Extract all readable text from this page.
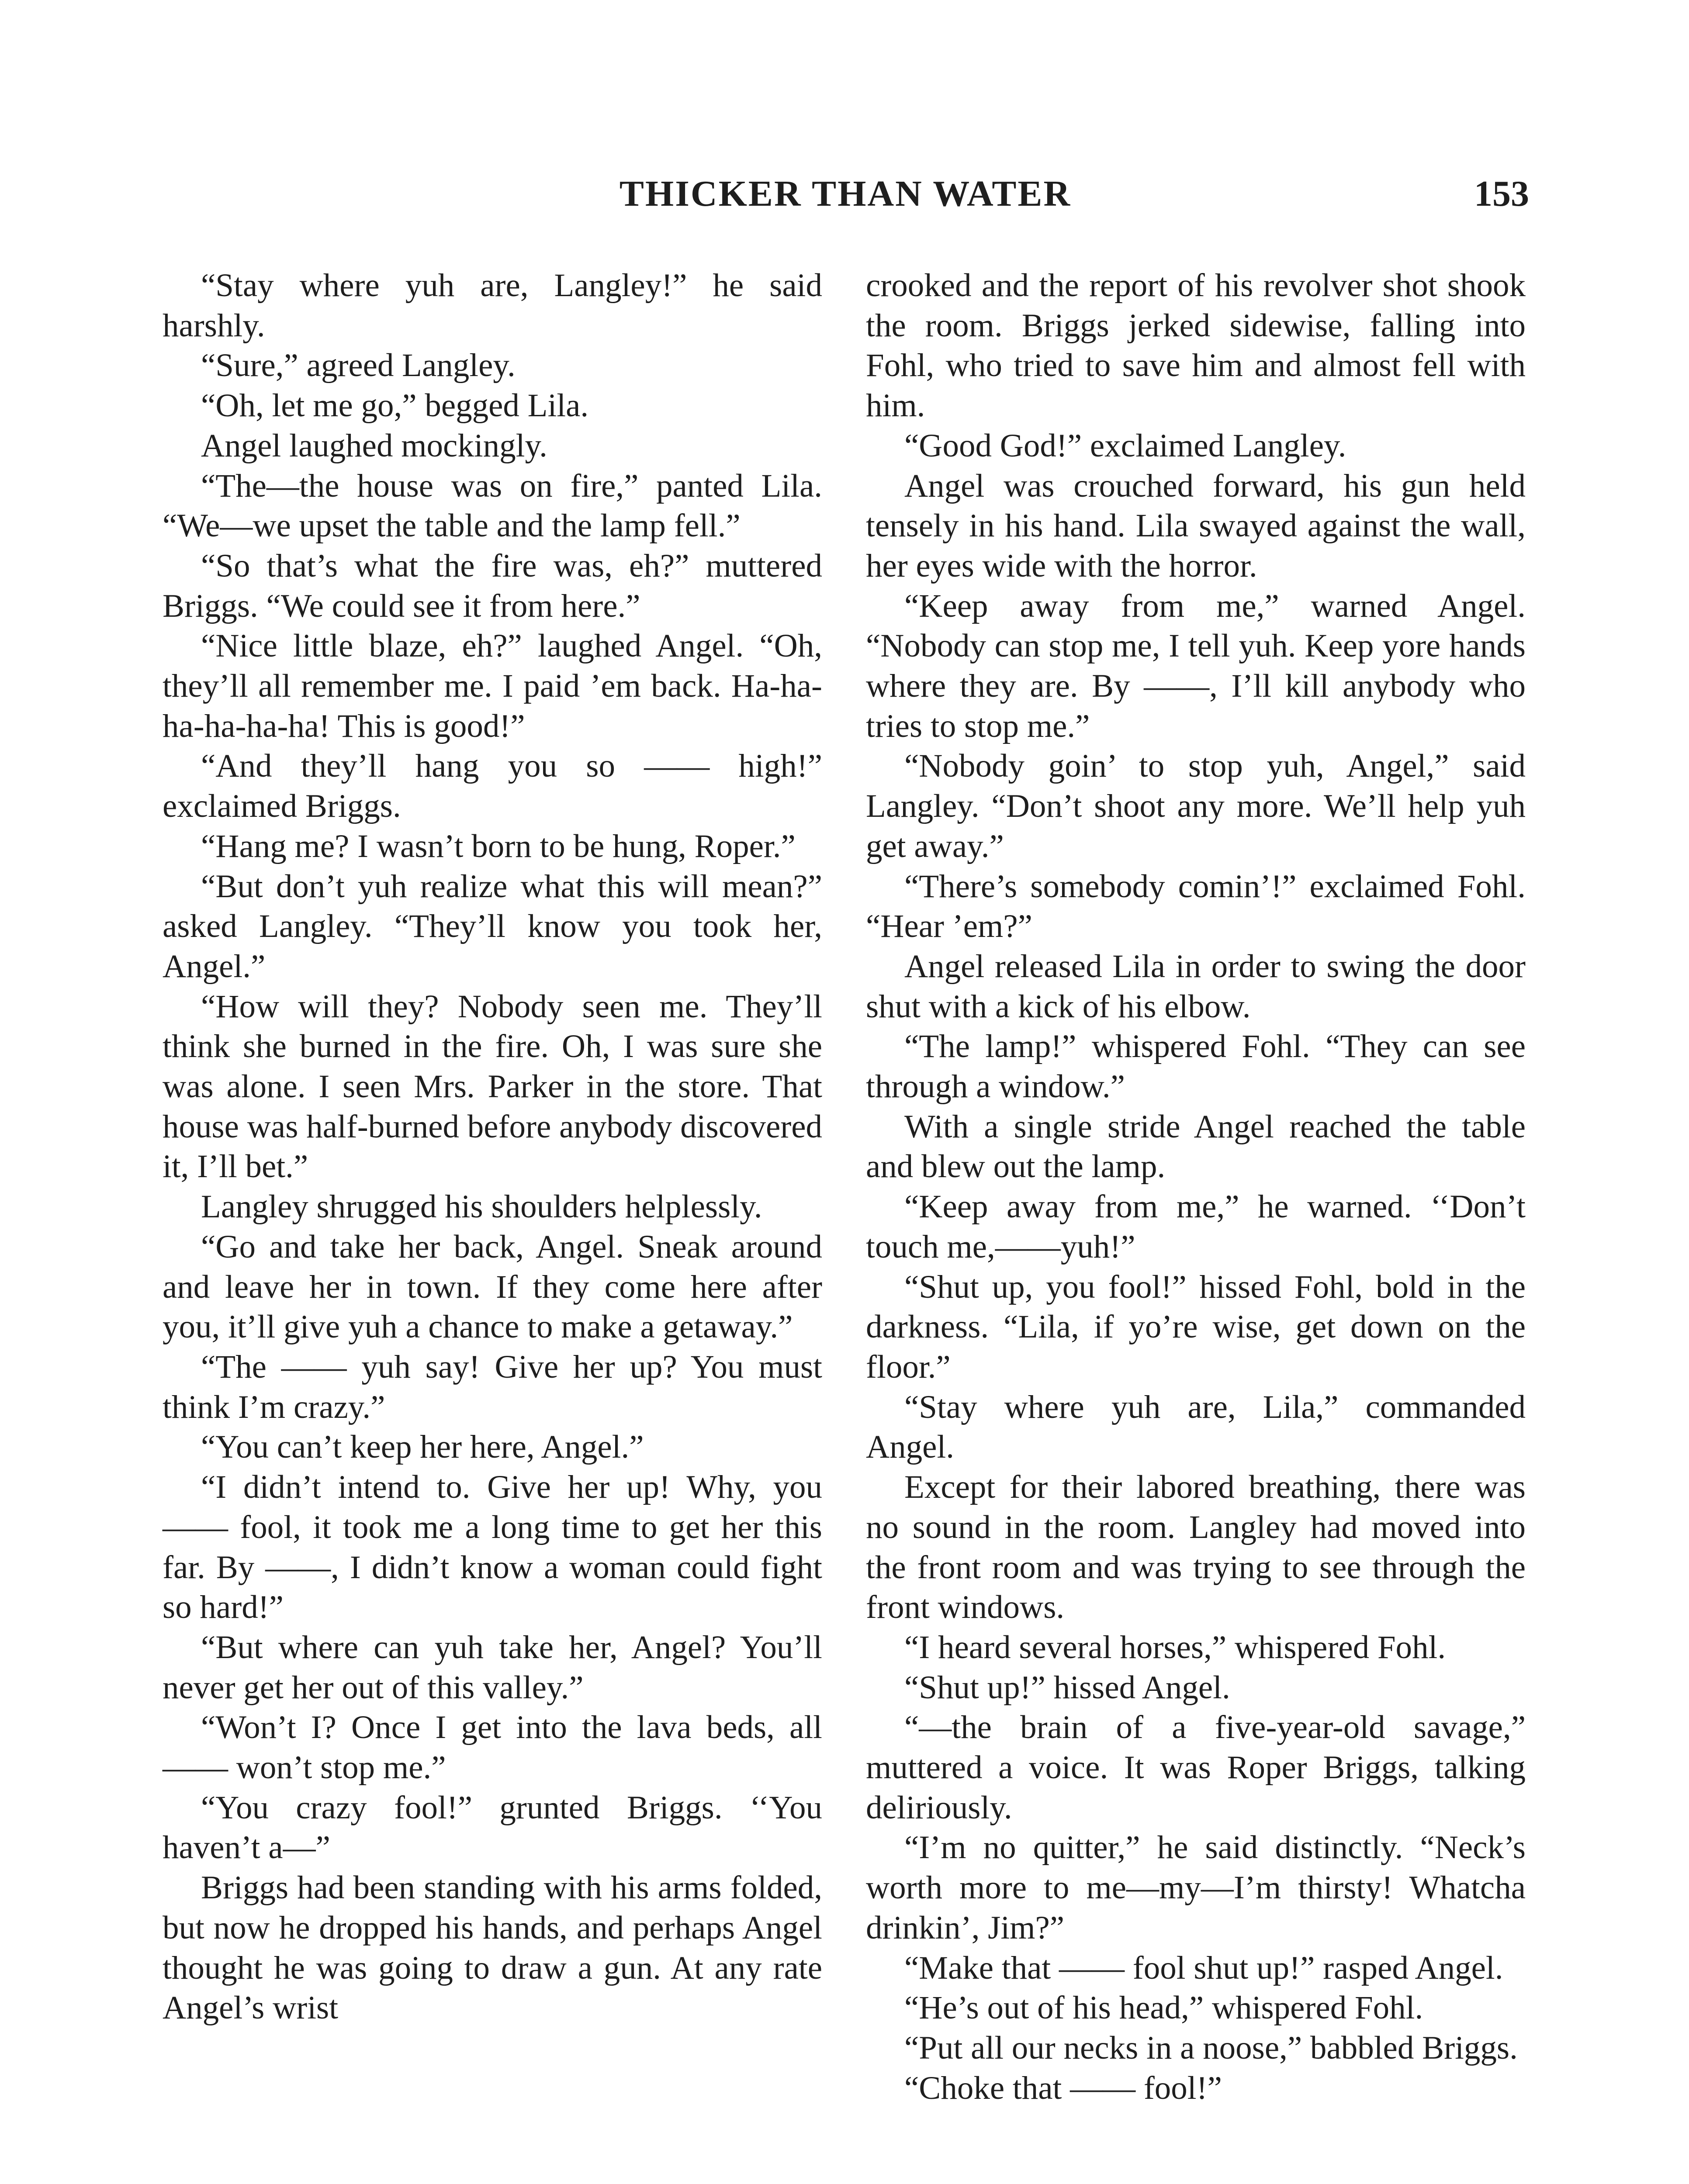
THICKER THAN WATER	153

“Stay where yuh are, Langley!” he said harshly.

“Sure,” agreed Langley.

“Oh, let me go,” begged Lila.

Angel laughed mockingly.

“The—the house was on fire,” panted Lila. “We—we upset the table and the lamp fell.”

“So that’s what the fire was, eh?” muttered Briggs. “We could see it from here.”

“Nice little blaze, eh?” laughed Angel. “Oh, they’ll all remember me. I paid ’em back. Ha-ha-ha-ha-ha-ha! This is good!”

“And they’ll hang you so —— high!” exclaimed Briggs.

“Hang me? I wasn’t born to be hung, Roper.”

“But don’t yuh realize what this will mean?” asked Langley. “They’ll know you took her, Angel.”

“How will they? Nobody seen me. They’ll think she burned in the fire. Oh, I was sure she was alone. I seen Mrs. Parker in the store. That house was half-burned before anybody discovered it, I’ll bet.”

Langley shrugged his shoulders helplessly.

“Go and take her back, Angel. Sneak around and leave her in town. If they come here after you, it’ll give yuh a chance to make a getaway.”

“The —— yuh say! Give her up? You must think I’m crazy.”

“You can’t keep her here, Angel.”

“I didn’t intend to. Give her up! Why, you —— fool, it took me a long time to get her this far. By ——, I didn’t know a woman could fight so hard!”

“But where can yuh take her, Angel? You’ll never get her out of this valley.”

“Won’t I? Once I get into the lava beds, all —— won’t stop me.”

“You crazy fool!” grunted Briggs. ‘‘You haven’t a—”

Briggs had been standing with his arms folded, but now he dropped his hands, and perhaps Angel thought he was going to draw a gun. At any rate Angel’s wrist

crooked and the report of his revolver shot shook the room. Briggs jerked sidewise, falling into Fohl, who tried to save him and almost fell with him.

“Good God!” exclaimed Langley.

Angel was crouched forward, his gun held tensely in his hand. Lila swayed against the wall, her eyes wide with the horror.

“Keep away from me,” warned Angel. “Nobody can stop me, I tell yuh. Keep yore hands where they are. By ——, I’ll kill anybody who tries to stop me.”

“Nobody goin’ to stop yuh, Angel,” said Langley. “Don’t shoot any more. We’ll help yuh get away.”

“There’s somebody comin’!” exclaimed Fohl. “Hear ’em?”

Angel released Lila in order to swing the door shut with a kick of his elbow.

“The lamp!” whispered Fohl. “They can see through a window.”

With a single stride Angel reached the table and blew out the lamp.

“Keep away from me,” he warned. ‘‘Don’t touch me,——yuh!”

“Shut up, you fool!” hissed Fohl, bold in the darkness. “Lila, if yo’re wise, get down on the floor.”

“Stay where yuh are, Lila,” commanded Angel.

Except for their labored breathing, there was no sound in the room. Langley had moved into the front room and was trying to see through the front windows.

“I heard several horses,” whispered Fohl.

“Shut up!” hissed Angel.

“—the brain of a five-year-old savage,” muttered a voice. It was Roper Briggs, talking deliriously.

“I’m no quitter,” he said distinctly. “Neck’s worth more to me—my—I’m thirsty! Whatcha drinkin’, Jim?”

“Make that —— fool shut up!” rasped Angel.

“He’s out of his head,” whispered Fohl.

“Put all our necks in a noose,” babbled Briggs.

“Choke that —— fool!”
